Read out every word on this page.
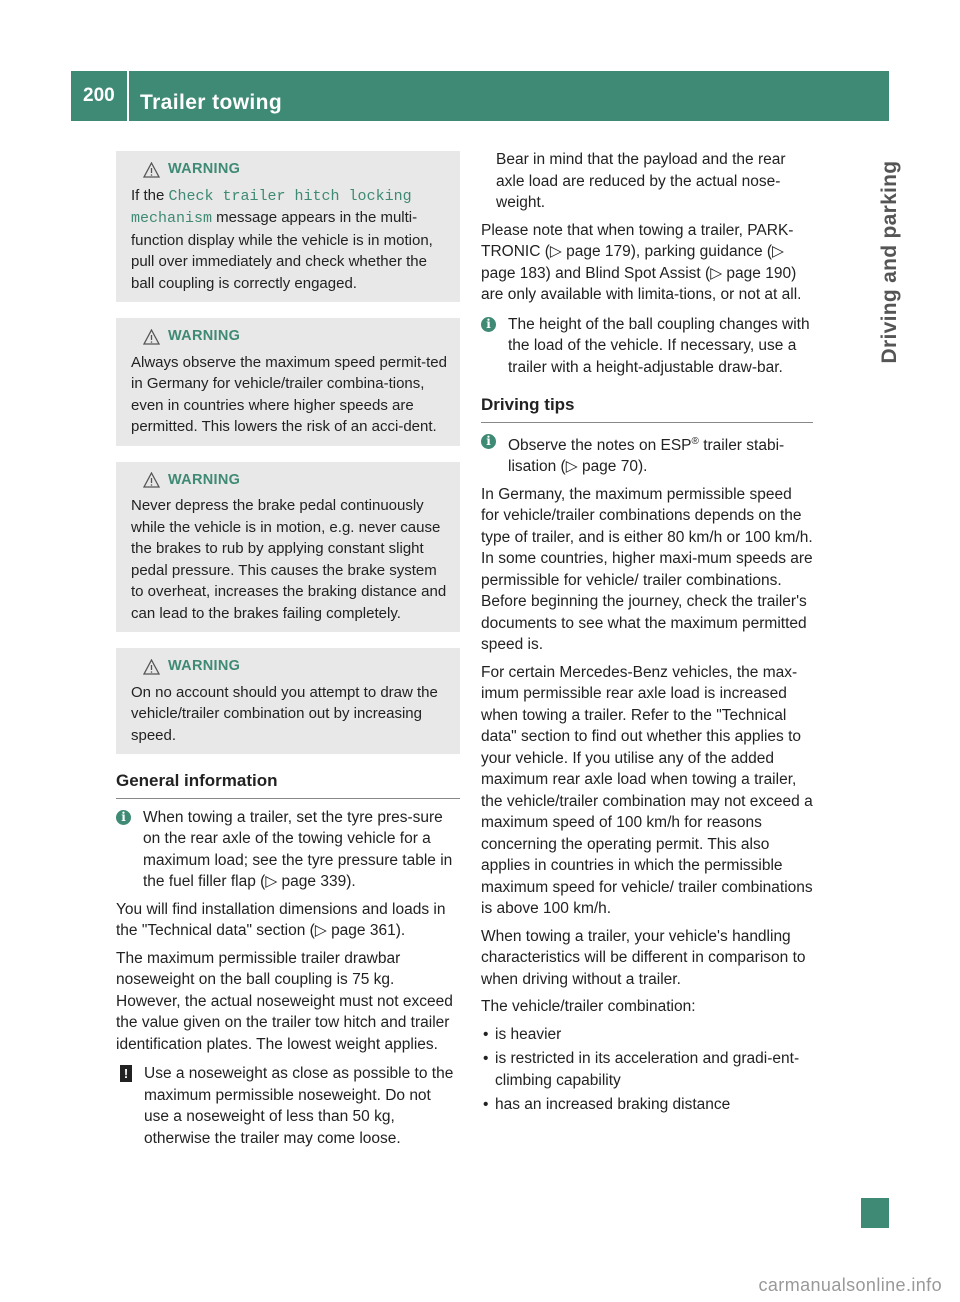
200	Trailer towing
Driving and parking
WARNING
If the Check trailer hitch locking mechanism message appears in the multi-function display while the vehicle is in motion, pull over immediately and check whether the ball coupling is correctly engaged.
WARNING
Always observe the maximum speed permit-ted in Germany for vehicle/trailer combina-tions, even in countries where higher speeds are permitted. This lowers the risk of an acci-dent.
WARNING
Never depress the brake pedal continuously while the vehicle is in motion, e.g. never cause the brakes to rub by applying constant slight pedal pressure. This causes the brake system to overheat, increases the braking distance and can lead to the brakes failing completely.
WARNING
On no account should you attempt to draw the vehicle/trailer combination out by increasing speed.
General information
i	When towing a trailer, set the tyre pres-sure on the rear axle of the towing vehicle for a maximum load; see the tyre pressure table in the fuel filler flap (▷ page 339).

You will find installation dimensions and loads in the "Technical data" section (▷ page 361).

The maximum permissible trailer drawbar noseweight on the ball coupling is 75 kg. However, the actual noseweight must not exceed the value given on the trailer tow hitch and trailer identification plates. The lowest weight applies.

! Use a noseweight as close as possible to the maximum permissible noseweight. Do not use a noseweight of less than 50 kg, otherwise the trailer may come loose.

Bear in mind that the payload and the rear axle load are reduced by the actual nose-weight.

Please note that when towing a trailer, PARK-TRONIC (▷ page 179), parking guidance (▷ page 183) and Blind Spot Assist (▷ page 190) are only available with limita-tions, or not at all.

i	The height of the ball coupling changes with the load of the vehicle. If necessary, use a trailer with a height-adjustable draw-bar.
Driving tips
i	Observe the notes on ESP® trailer stabi-lisation (▷ page 70).

In Germany, the maximum permissible speed for vehicle/trailer combinations depends on the type of trailer, and is either 80 km/h or 100 km/h. In some countries, higher maxi-mum speeds are permissible for vehicle/ trailer combinations. Before beginning the journey, check the trailer's documents to see what the maximum permitted speed is.

For certain Mercedes-Benz vehicles, the max-imum permissible rear axle load is increased when towing a trailer. Refer to the "Technical data" section to find out whether this applies to your vehicle. If you utilise any of the added maximum rear axle load when towing a trailer, the vehicle/trailer combination may not exceed a maximum speed of 100 km/h for reasons concerning the operating permit. This also applies in countries in which the permissible maximum speed for vehicle/ trailer combinations is above 100 km/h.

When towing a trailer, your vehicle's handling characteristics will be different in comparison to when driving without a trailer.

The vehicle/trailer combination:

• is heavier
• is restricted in its acceleration and gradi-ent-climbing capability
• has an increased braking distance
carmanualsonline.info
